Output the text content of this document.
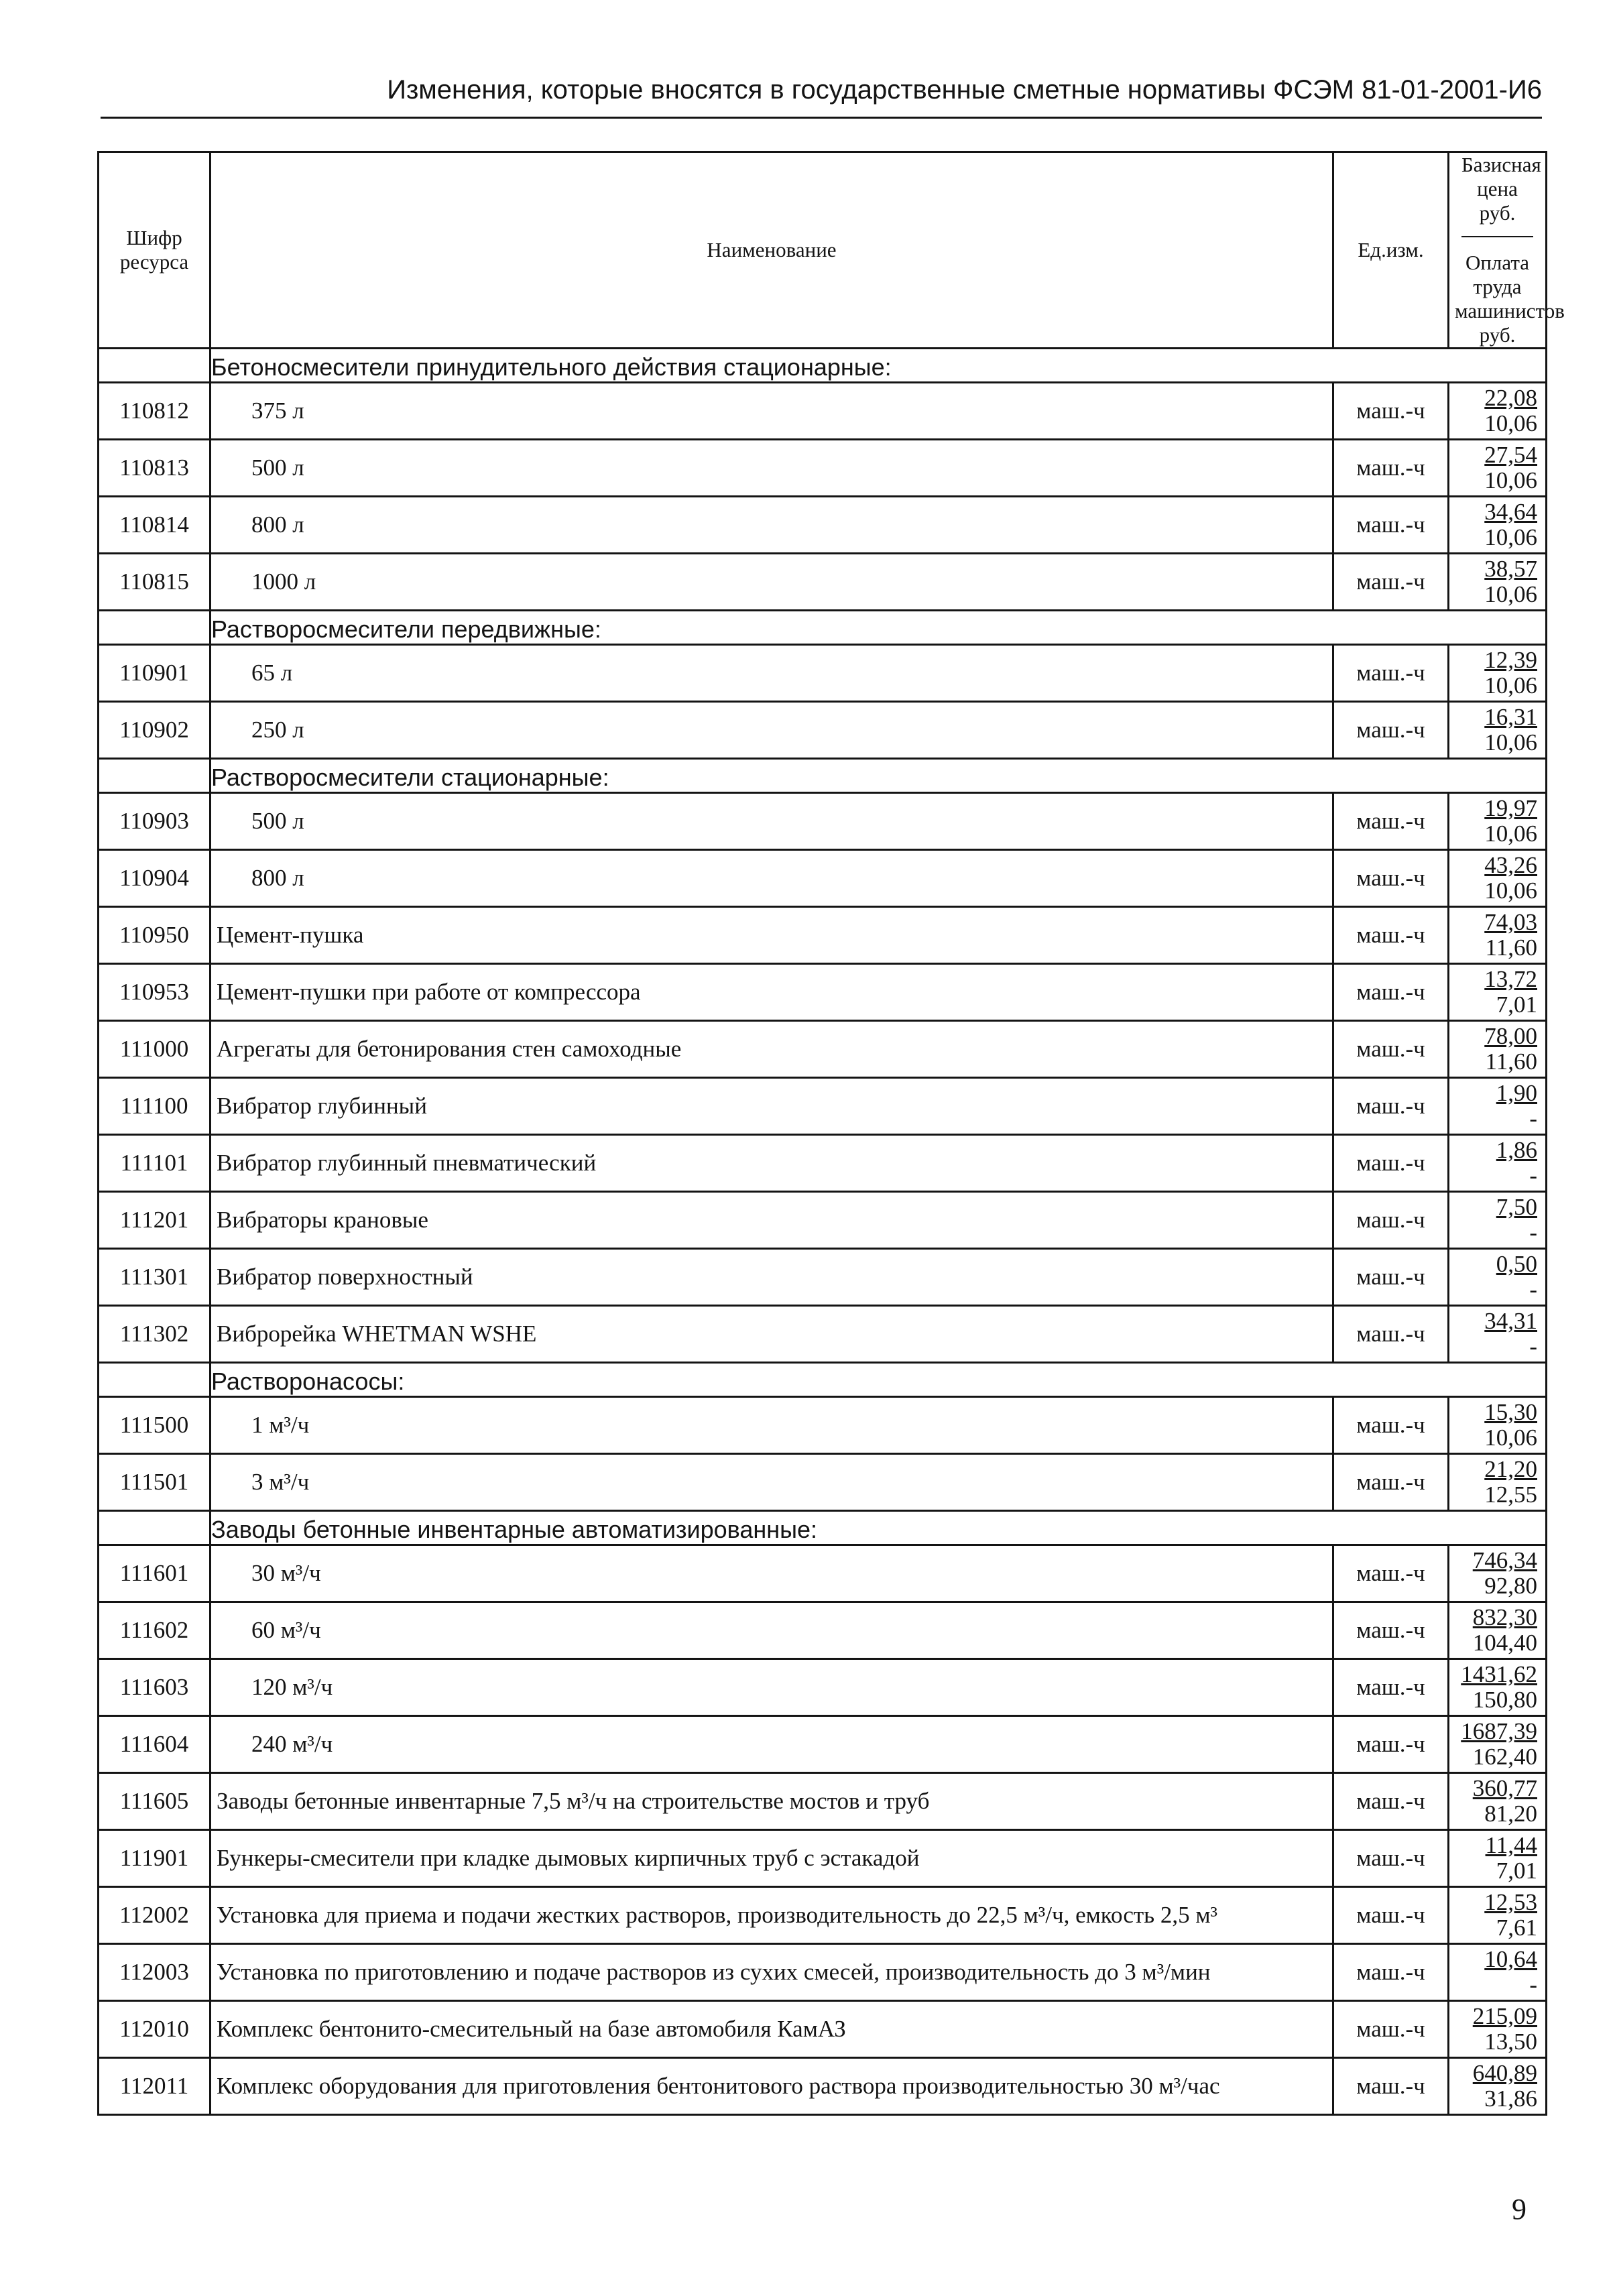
Изменения, которые вносятся в государственные сметные нормативы ФСЭМ 81-01-2001-И6
Шифр ресурса	Наименование	Ед.изм.	Базисная цена руб.
Оплата труда машинистов руб.

	Бетоносмесители принудительного действия стационарные:		
110812	375 л	маш.-ч	22,08
10,06

110813	500 л	маш.-ч	27,54
10,06

110814	800 л	маш.-ч	34,64
10,06

110815	1000 л	маш.-ч	38,57
10,06

	Растворосмесители передвижные:		
110901	65 л	маш.-ч	12,39
10,06

110902	250 л	маш.-ч	16,31
10,06

	Растворосмесители стационарные:		
110903	500 л	маш.-ч	19,97
10,06

110904	800 л	маш.-ч	43,26
10,06

110950	Цемент-пушка	маш.-ч	74,03
11,60

110953	Цемент-пушки при работе от компрессора	маш.-ч	13,72
7,01

111000	Агрегаты для бетонирования стен самоходные	маш.-ч	78,00
11,60

111100	Вибратор глубинный	маш.-ч	1,90
-

111101	Вибратор глубинный пневматический	маш.-ч	1,86
-

111201	Вибраторы крановые	маш.-ч	7,50
-

111301	Вибратор поверхностный	маш.-ч	0,50
-

111302	Виброрейка WHETMAN WSHE	маш.-ч	34,31
-

	Растворонасосы:		
111500	1 м³/ч	маш.-ч	15,30
10,06

111501	3 м³/ч	маш.-ч	21,20
12,55

	Заводы бетонные инвентарные автоматизированные:		
111601	30 м³/ч	маш.-ч	746,34
92,80

111602	60 м³/ч	маш.-ч	832,30
104,40

111603	120 м³/ч	маш.-ч	1431,62
150,80

111604	240 м³/ч	маш.-ч	1687,39
162,40

111605	Заводы бетонные инвентарные 7,5 м³/ч на строительстве мостов и труб	маш.-ч	360,77
81,20

111901	Бункеры-смесители при кладке дымовых кирпичных труб с эстакадой	маш.-ч	11,44
7,01

112002	Установка для приема и подачи жестких растворов, производительность до 22,5 м³/ч, емкость 2,5 м³	маш.-ч	12,53
7,61

112003	Установка по приготовлению и подаче растворов из сухих смесей, производительность до 3 м³/мин	маш.-ч	10,64
-

112010	Комплекс бентонито-смесительный на базе автомобиля КамАЗ	маш.-ч	215,09
13,50

112011	Комплекс оборудования для приготовления бентонитового раствора производительностью 30 м³/час	маш.-ч	640,89
31,86
9
